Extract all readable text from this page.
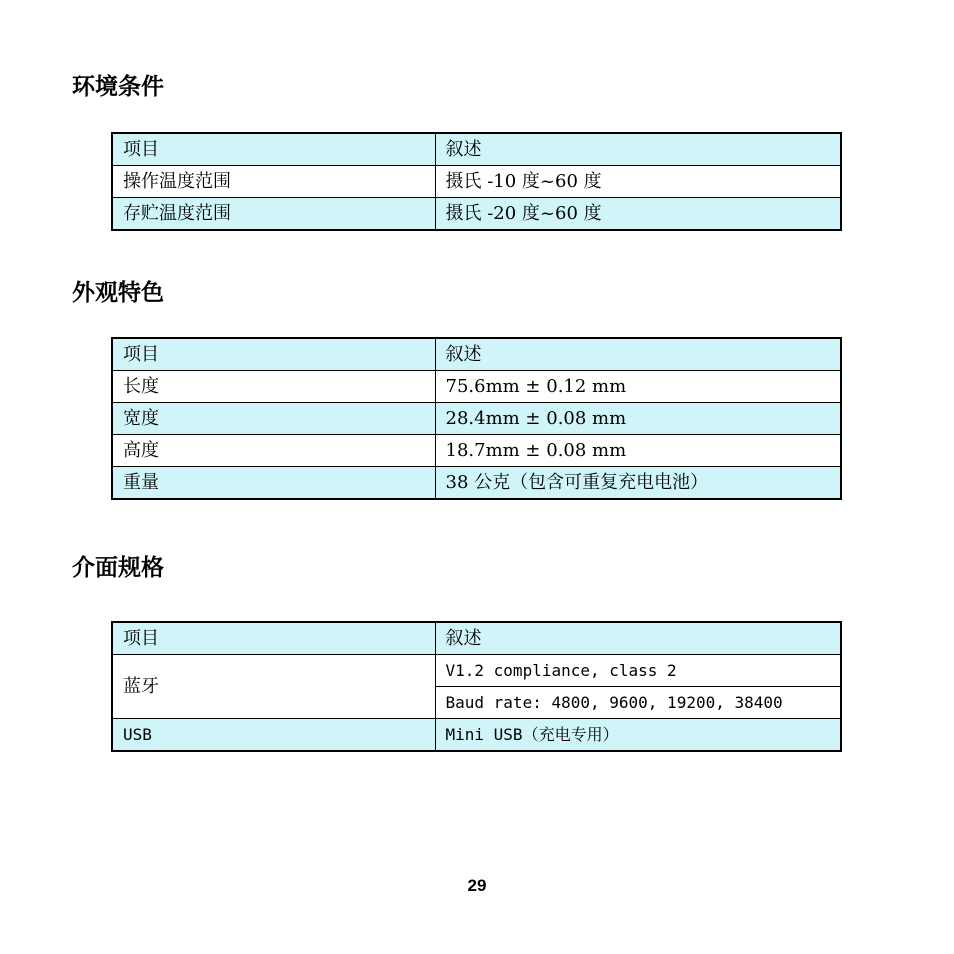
环境条件
项目	叙述
操作温度范围	摄氏 -10 度~60 度
存贮温度范围	摄氏 -20 度~60 度
外观特色
项目	叙述
长度	75.6mm ± 0.12 mm
宽度	28.4mm ± 0.08 mm
高度	18.7mm ± 0.08 mm
重量	38 公克（包含可重复充电电池）
介面规格
项目	叙述
蓝牙	V1.2 compliance, class 2
	Baud rate: 4800, 9600, 19200, 38400
USB	Mini USB（充电专用）
29
